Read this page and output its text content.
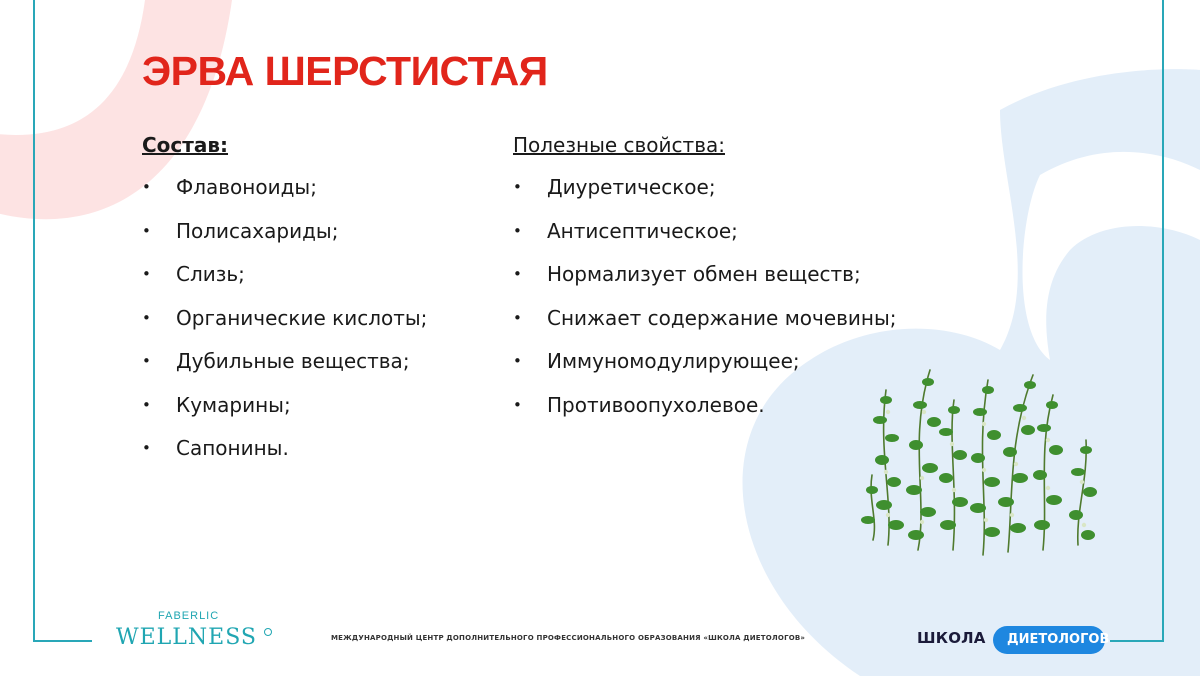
ЭРВА ШЕРСТИСТАЯ
Состав:
• Флавоноиды;
• Полисахариды;
• Слизь;
• Органические кислоты;
• Дубильные вещества;
• Кумарины;
• Сапонины.
Полезные свойства:
• Диуретическое;
• Антисептическое;
• Нормализует обмен веществ;
• Снижает содержание мочевины;
• Иммуномодулирующее;
• Противоопухолевое.
FABERLIC
WELLNESS	МЕЖДУНАРОДНЫЙ ЦЕНТР ДОПОЛНИТЕЛЬНОГО ПРОФЕССИОНАЛЬНОГО ОБРАЗОВАНИЯ «ШКОЛА ДИЕТОЛОГОВ»	ШКОЛА ДИЕТОЛОГОВ
